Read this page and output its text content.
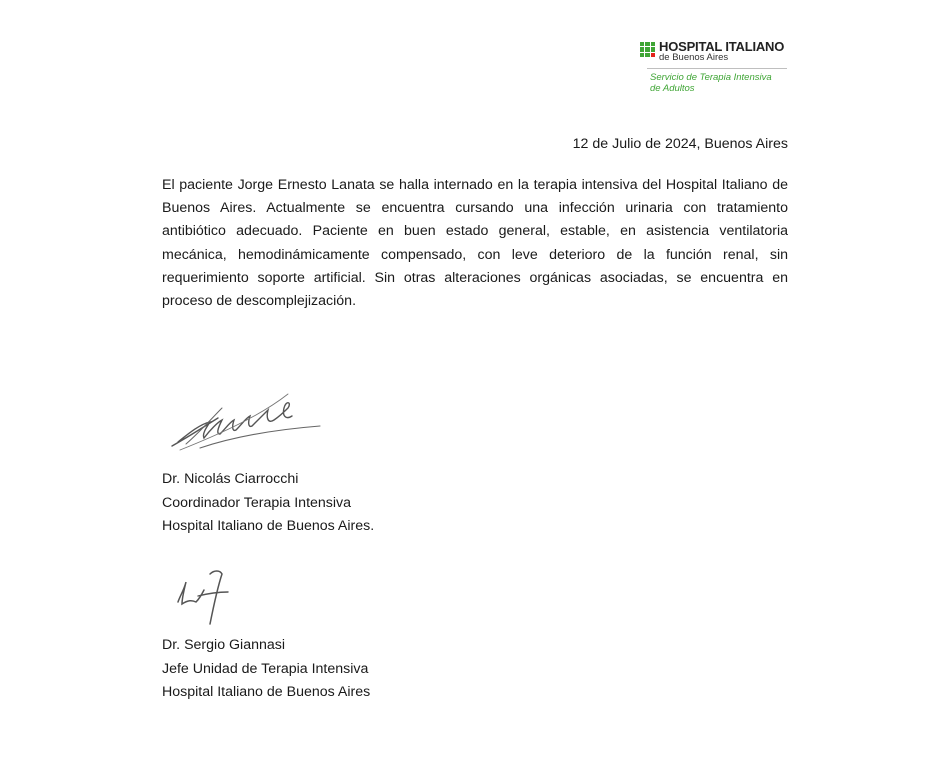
HOSPITAL ITALIANO
de Buenos Aires
Servicio de Terapia Intensiva
de Adultos
12 de Julio de 2024, Buenos Aires
El paciente Jorge Ernesto Lanata se halla internado en la terapia intensiva del Hospital Italiano de Buenos Aires. Actualmente se encuentra cursando una infección urinaria con tratamiento antibiótico adecuado. Paciente en buen estado general, estable, en asistencia ventilatoria mecánica, hemodinámicamente compensado, con leve deterioro de la función renal, sin requerimiento soporte artificial. Sin otras alteraciones orgánicas asociadas, se encuentra en proceso de descomplejización.
Dr. Nicolás Ciarrocchi
Coordinador Terapia Intensiva
Hospital Italiano de Buenos Aires.
Dr. Sergio Giannasi
Jefe Unidad de Terapia Intensiva
Hospital Italiano de Buenos Aires
